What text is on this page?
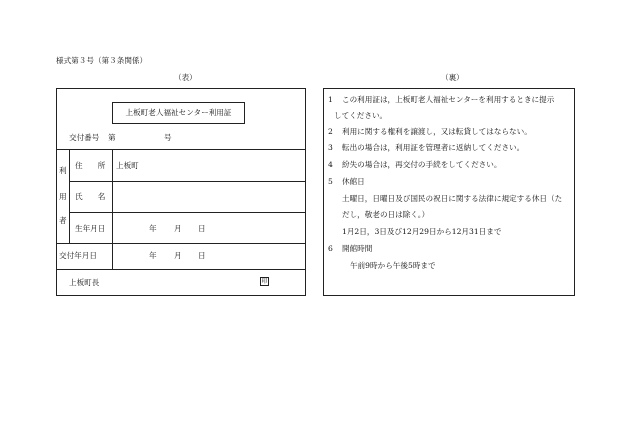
様式第３号（第３条関係）
（表）
上板町老人福祉センター利用証
交付番号 第	号
利
用
者
住　　所 上板町
氏　　名
生年月日	年 月 日
交付年月日	年 月 日
上板町長	印
（裏）
1 この利用証は，上板町老人福祉センターを利用するときに提示
してください。
2 利用に関する権利を譲渡し，又は転貸してはならない。
3 転出の場合は，利用証を管理者に返納してください。
4 紛失の場合は，再交付の手続をしてください。
5 休館日
土曜日，日曜日及び国民の祝日に関する法律に規定する休日（た
だし，敬老の日は除く。）
1月2日，3日及び12月29日から12月31日まで
6 開館時間
午前9時から午後5時まで
